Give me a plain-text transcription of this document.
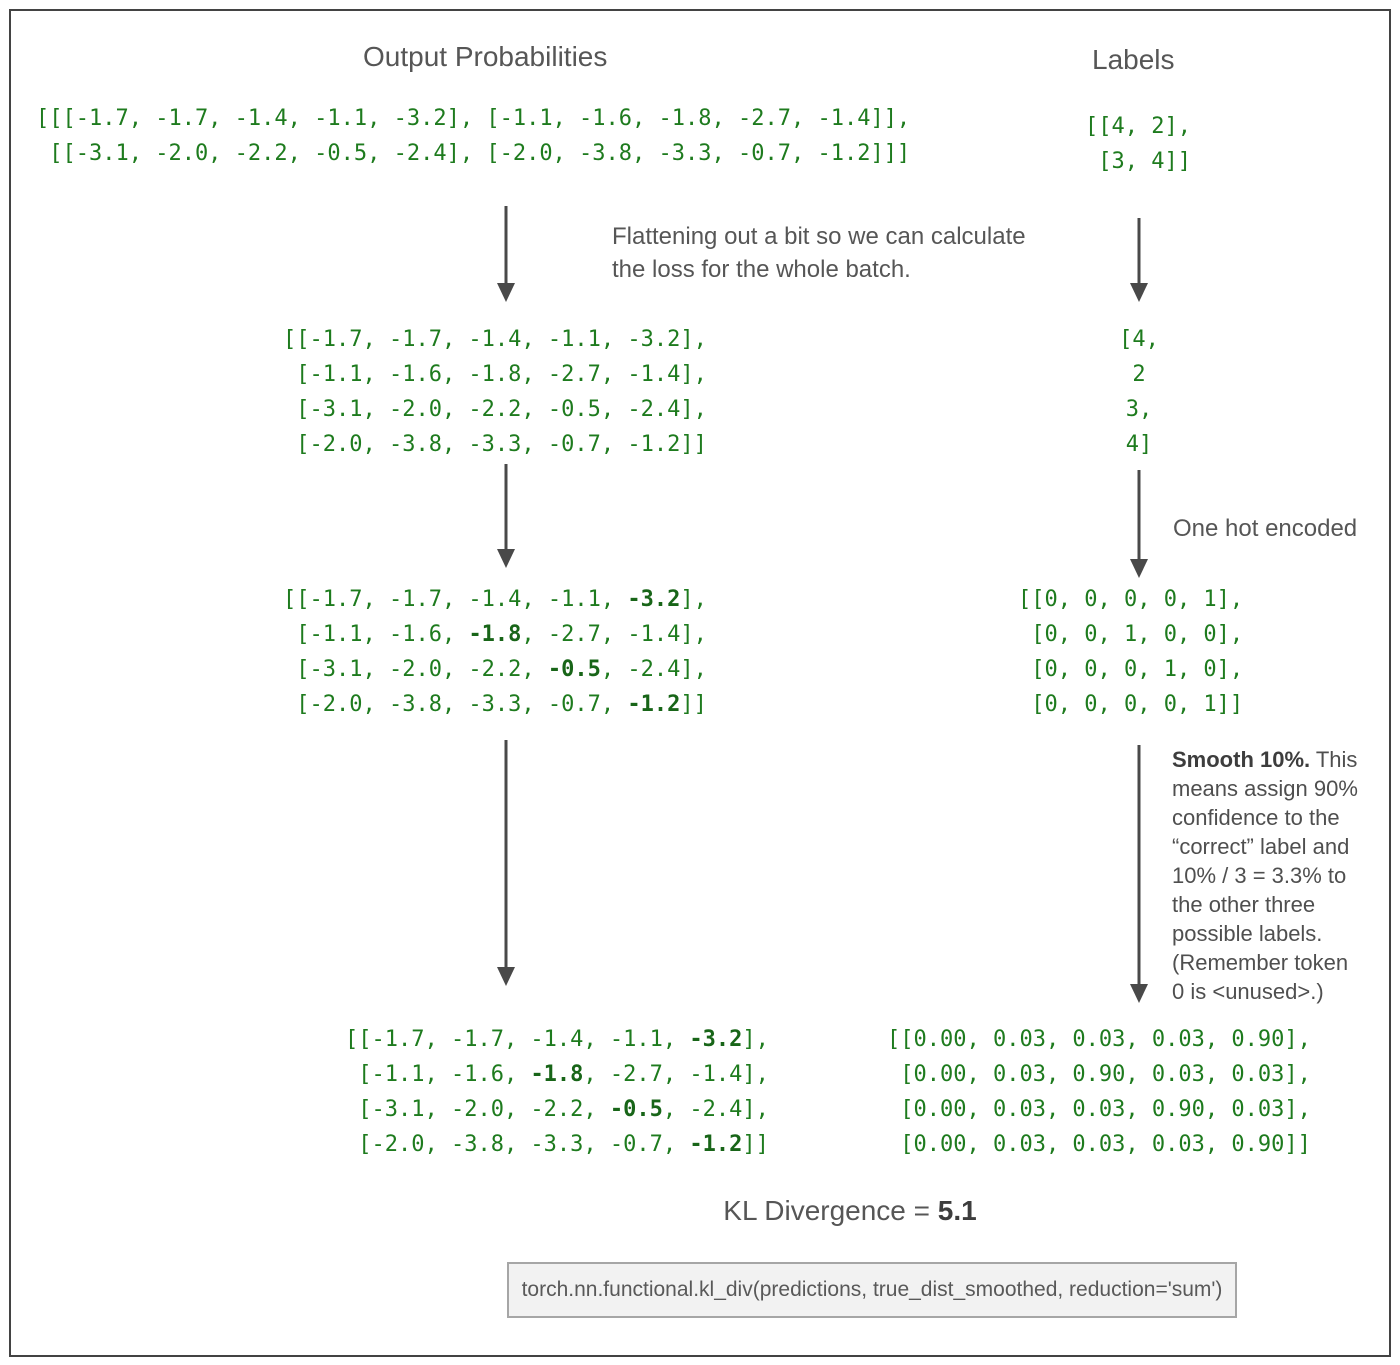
Output Probabilities	Labels
[[[-1.7, -1.7, -1.4, -1.1, -3.2], [-1.1, -1.6, -1.8, -2.7, -1.4]],
[[-3.1, -2.0, -2.2, -0.5, -2.4], [-2.0, -3.8, -3.3, -0.7, -1.2]]]
[[4, 2],
[3, 4]]
Flattening out a bit so we can calculate
the loss for the whole batch.
[[-1.7, -1.7, -1.4, -1.1, -3.2],
[-1.1, -1.6, -1.8, -2.7, -1.4],
[-3.1, -2.0, -2.2, -0.5, -2.4],
[-2.0, -3.8, -3.3, -0.7, -1.2]]
[4,
2
3,
4]
One hot encoded
[[-1.7, -1.7, -1.4, -1.1, -3.2],
[-1.1, -1.6, -1.8, -2.7, -1.4],
[-3.1, -2.0, -2.2, -0.5, -2.4],
[-2.0, -3.8, -3.3, -0.7, -1.2]]
[[0, 0, 0, 0, 1],
[0, 0, 1, 0, 0],
[0, 0, 0, 1, 0],
[0, 0, 0, 0, 1]]
Smooth 10%. This
means assign 90%
confidence to the
“correct” label and
10% / 3 = 3.3% to
the other three
possible labels.
(Remember token
0 is <unused>.)
[[-1.7, -1.7, -1.4, -1.1, -3.2],
[-1.1, -1.6, -1.8, -2.7, -1.4],
[-3.1, -2.0, -2.2, -0.5, -2.4],
[-2.0, -3.8, -3.3, -0.7, -1.2]]
[[0.00, 0.03, 0.03, 0.03, 0.90],
[0.00, 0.03, 0.90, 0.03, 0.03],
[0.00, 0.03, 0.03, 0.90, 0.03],
[0.00, 0.03, 0.03, 0.03, 0.90]]
KL Divergence = 5.1
torch.nn.functional.kl_div(predictions, true_dist_smoothed, reduction='sum')
